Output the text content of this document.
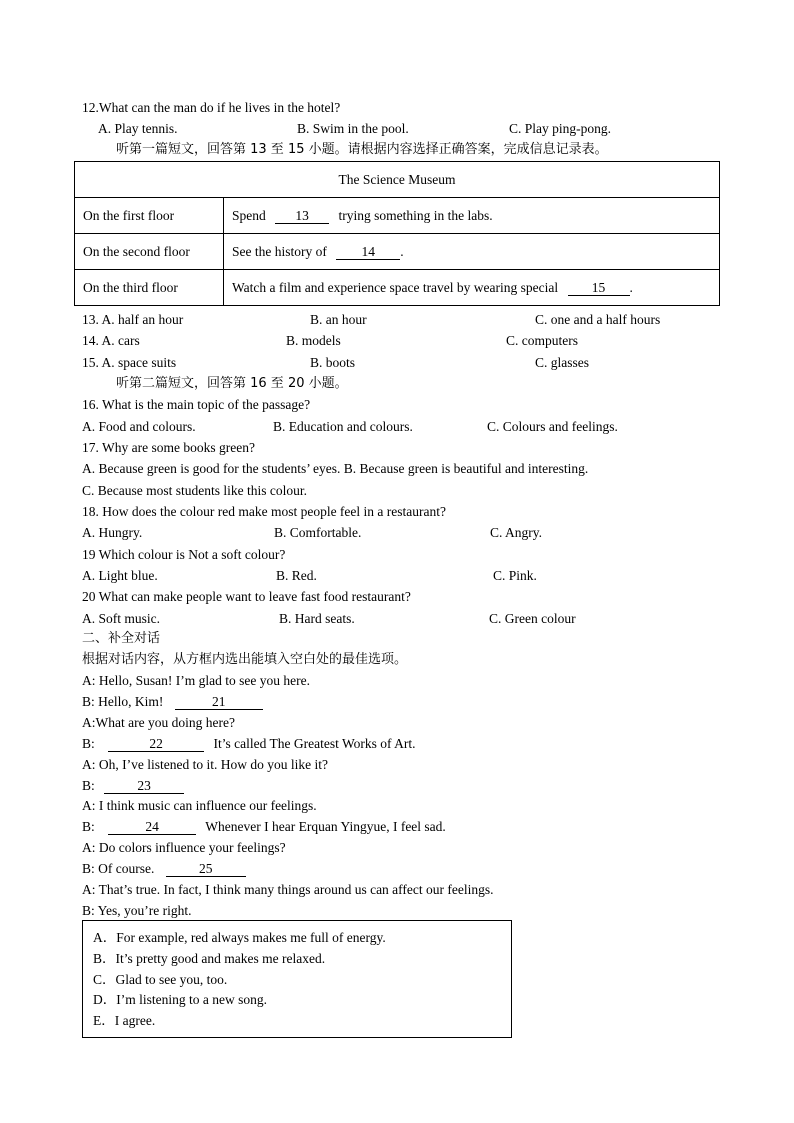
12.What can the man do if he lives in the hotel?
A. Play tennis.	B. Swim in the pool.	C. Play ping-pong.
听第一篇短文，回答第 13 至 15 小题。请根据内容选择正确答案，完成信息记录表。
The Science Museum	
On the first floor	Spend 13 trying something in the labs.
On the second floor	See the history of 14 .
On the third floor	Watch a film and experience space travel by wearing special 15 .
13. A. half an hour	B. an hour	C. one and a half hours
14. A. cars	B. models	C. computers
15. A. space suits	B. boots	C. glasses
听第二篇短文，回答第 16 至 20 小题。
16. What is the main topic of the passage?
A. Food and colours.	B. Education and colours.	C. Colours and feelings.
17. Why are some books green?
A. Because green is good for the students’ eyes. B. Because green is beautiful and interesting.
C. Because most students like this colour.
18. How does the colour red make most people feel in a restaurant?
A. Hungry.	B. Comfortable.	C. Angry.
19 Which colour is Not a soft colour?
A. Light blue.	B. Red.	C. Pink.
20 What can make people want to leave fast food restaurant?
A. Soft music.	B. Hard seats.	C. Green colour
二、补全对话
根据对话内容，从方框内选出能填入空白处的最佳选项。
A: Hello, Susan! I’m glad to see you here.
B: Hello, Kim!	21
A:What are you doing here?
B:	22	It’s called The Greatest Works of Art.
A: Oh, I’ve listened to it. How do you like it?
B:	23
A: I think music can influence our feelings.
B:	24	Whenever I hear Erquan Yingyue, I feel sad.
A: Do colors influence your feelings?
B: Of course.	25
A: That’s true. In fact, I think many things around us can affect our feelings.
B: Yes, you’re right.
A．For example, red always makes me full of energy.
B．It’s pretty good and makes me relaxed.
C．Glad to see you, too.
D．I’m listening to a new song.
E．I agree.
